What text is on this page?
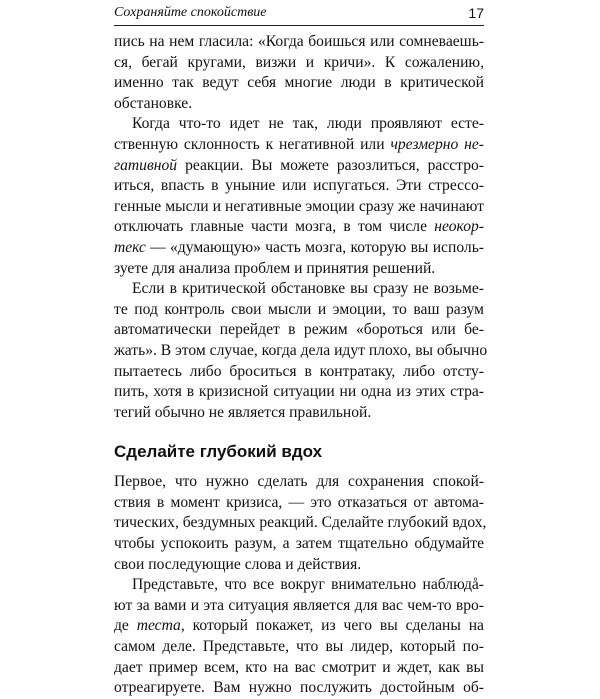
Сохраняйте спокойствие	17
пись на нем гласила: «Когда боишься или сомневаешь-
ся, бегай кругами, визжи и кричи». К сожалению,
именно так ведут себя многие люди в критической
обстановке.
Когда что-то идет не так, люди проявляют есте-
ственную склонность к негативной или чрезмерно не-
гативной реакции. Вы можете разозлиться, расстро-
иться, впасть в уныние или испугаться. Эти стрессо-
генные мысли и негативные эмоции сразу же начинают
отключать главные части мозга, в том числе неокор-
текс — «думающую» часть мозга, которую вы исполь-
зуете для анализа проблем и принятия решений.
Если в критической обстановке вы сразу не возьме-
те под контроль свои мысли и эмоции, то ваш разум
автоматически перейдет в режим «бороться или бе-
жать». В этом случае, когда дела идут плохо, вы обычно
пытаетесь либо броситься в контратаку, либо отсту-
пить, хотя в кризисной ситуации ни одна из этих стра-
тегий обычно не является правильной.
Сделайте глубокий вдох
Первое, что нужно сделать для сохранения спокой-
ствия в момент кризиса, — это отказаться от автома-
тических, бездумных реакций. Сделайте глубокий вдох,
чтобы успокоить разум, а затем тщательно обдумайте
свои последующие слова и действия.
Представьте, что все вокруг внимательно наблюдå-
ют за вами и эта ситуация является для вас чем-то вро-
де теста, который покажет, из чего вы сделаны на
самом деле. Представьте, что вы лидер, который по-
дает пример всем, кто на вас смотрит и ждет, как вы
отреагируете. Вам нужно послужить достойным об-
